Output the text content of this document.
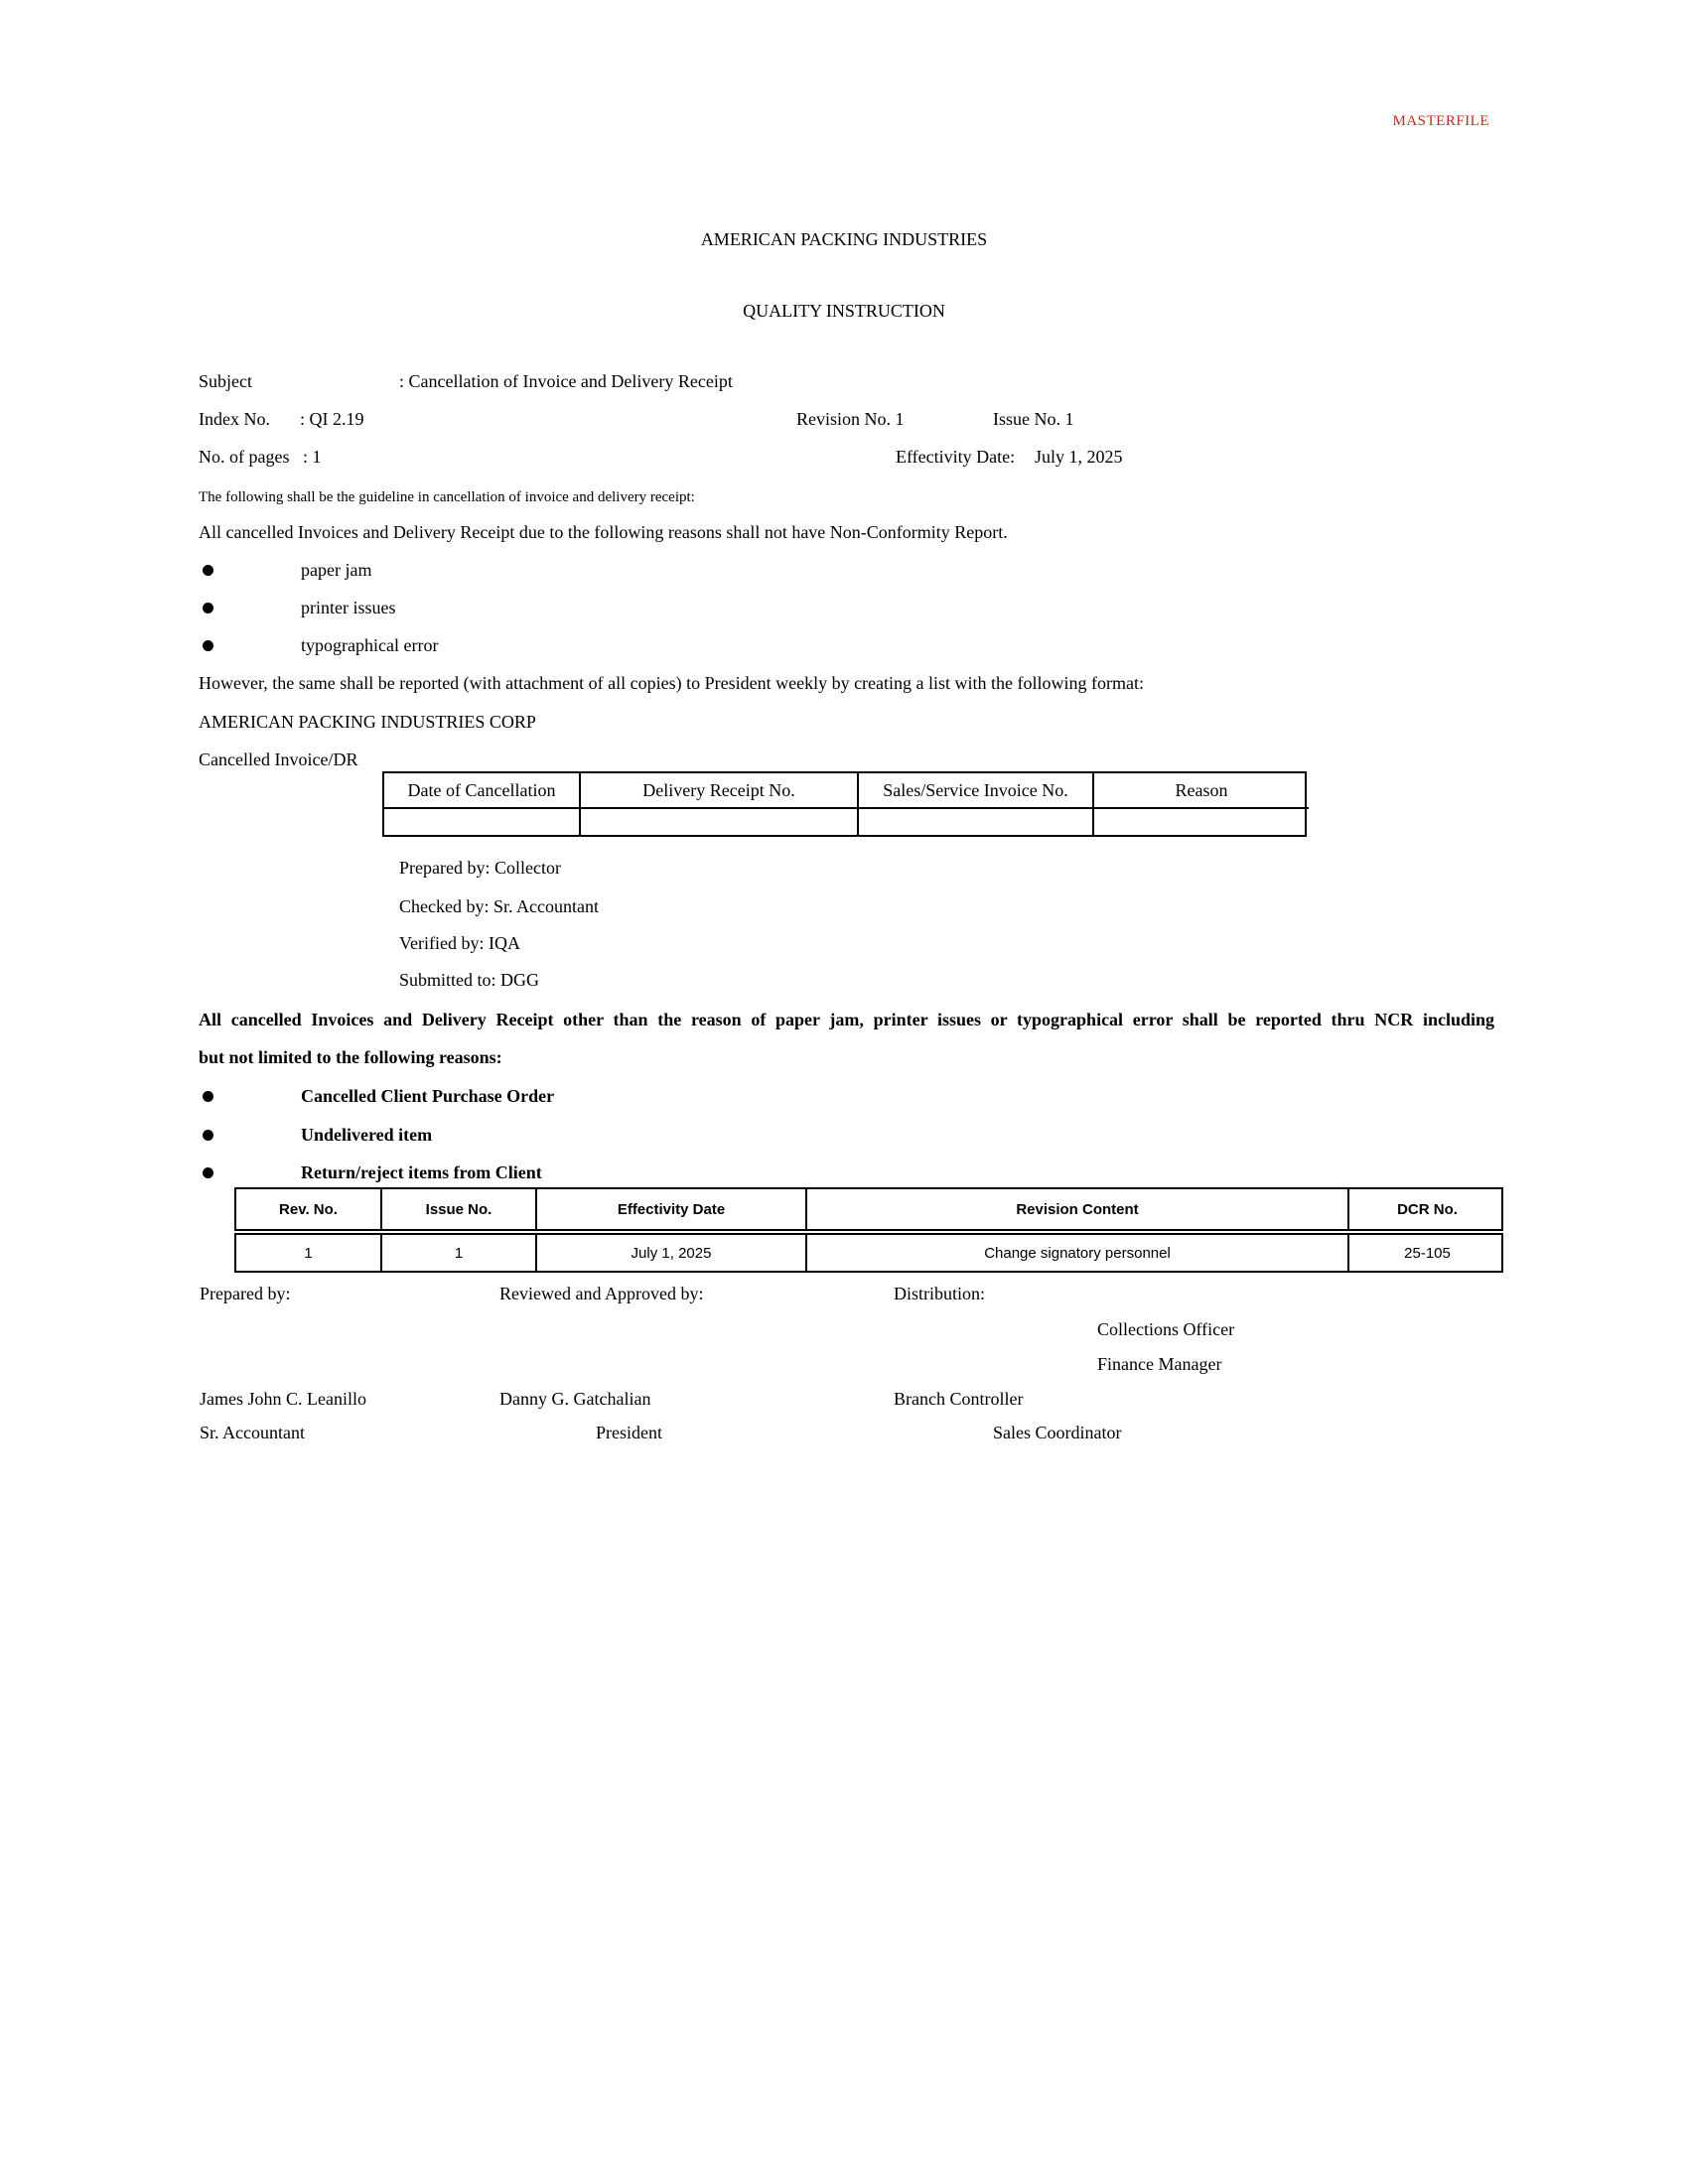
MASTERFILE
AMERICAN PACKING INDUSTRIES
QUALITY INSTRUCTION
Subject	: Cancellation of Invoice and Delivery Receipt
Index No. : QI 2.19	Revision No. 1	Issue No. 1
No. of pages : 1	Effectivity Date: July 1, 2025
The following shall be the guideline in cancellation of invoice and delivery receipt:
All cancelled Invoices and Delivery Receipt due to the following reasons shall not have Non-Conformity Report.
paper jam
printer issues
typographical error
However, the same shall be reported (with attachment of all copies) to President weekly by creating a list with the following format:
AMERICAN PACKING INDUSTRIES CORP
Cancelled Invoice/DR
Date of Cancellation	Delivery Receipt No.	Sales/Service Invoice No.	Reason
Prepared by: Collector
Checked by: Sr. Accountant
Verified by: IQA
Submitted to: DGG
All cancelled Invoices and Delivery Receipt other than the reason of paper jam, printer issues or typographical error shall be reported thru NCR including
but not limited to the following reasons:
Cancelled Client Purchase Order
Undelivered item
Return/reject items from Client
Rev. No.	Issue No.	Effectivity Date	Revision Content	DCR No.
1	1	July 1, 2025	Change signatory personnel	25-105
Prepared by:	Reviewed and Approved by:	Distribution:
Collections Officer
Finance Manager
James John C. Leanillo	Danny G. Gatchalian	Branch Controller
Sr. Accountant	President	Sales Coordinator
